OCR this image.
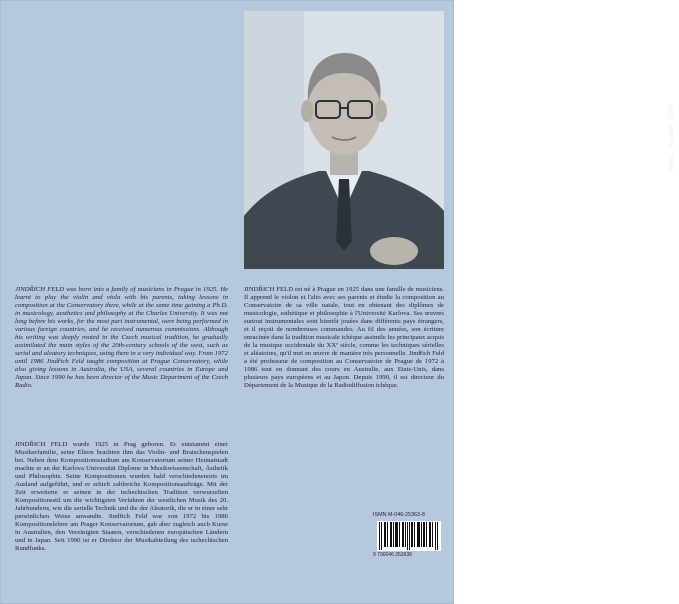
Photo:František TÓTH

JINDŘICH FELD was born into a family of musicians in Prague in 1925. He learnt to play the violin and viola with his parents, taking lessons in composition at the Conservatory there, while at the same time gaining a Ph.D. in musicology, aesthetics and philosophy at the Charles University. It was not long before his works, for the most part instrumental, were being performed in various foreign countries, and he received numerous commissions. Although his writing was deeply rooted in the Czech musical tradition, he gradually assimilated the main styles of the 20th-century schools of the west, such as serial and aleatory techniques, using them in a very individual way. From 1972 until 1986 Jindřich Feld taught composition at Prague Conservatory, while also giving lessons in Australia, the USA, several countries in Europe and Japan. Since 1990 he has been director of the Music Department of the Czech Radio.

JINDŘICH FELD wurde 1925 in Prag geboren. Er entstammt einer Musikerfamilie, seine Eltern brachten ihm das Violin- und Bratschenspielen bei. Neben dem Kompositionsstudium am Konservatorium seiner Heimatstadt machte er an der Karlova Universität Diplome in Musikwissenschaft, Ästhetik und Philosophie. Seine Kompositionen wurden bald verschiedenenorts im Ausland aufgeführt, und er erhielt zahlreiche Kompositionsaufträge. Mit der Zeit erweiterte er seinen in der tschechischen Tradition verwurzelten Kompositionsstil um die wichtigsten Verfahren der westlichen Musik des 20. Jahrhunderts, wie die serielle Technik und die der Aleatorik, die er in einer sehr persönlichen Weise anwandte. Jindřich Feld war von 1972 bis 1986 Kompositionslehrer am Prager Konservatorium, gab aber zugleich auch Kurse in Australien, den Vereinigten Staaten, verschiedenen europäischen Ländern und in Japan. Seit 1990 ist er Direktor der Musikabteilung des tschechischen Rundfunks.

JINDŘICH FELD est né à Prague en 1925 dans une famille de musiciens. Il apprend le violon et l'alto avec ses parents et étudie la composition au Conservatoire de sa ville natale, tout en obtenant des diplômes de musicologie, esthétique et philosophie à l'Université Karlova. Ses œuvres surtout instrumentales sont bientôt jouées dans différents pays étrangers, et il reçoit de nombreuses commandes. Au fil des années, son écriture enracinée dans la tradition musicale tchèque assimile les principaux acquis de la musique occidentale du XXᵉ siècle, comme les techniques sérielles et aléatoires, qu'il met en œuvre de manière très personnelle. Jindřich Feld a été professeur de composition au Conservatoire de Prague de 1972 à 1986 tout en donnant des cours en Australie, aux Etats-Unis, dans plusieurs pays européens et au Japon. Depuis 1990, il est directeur du Département de la Musique de la Radiodiffusion tchèque.

ISMN M-046-25363-8
9 790046 253638
